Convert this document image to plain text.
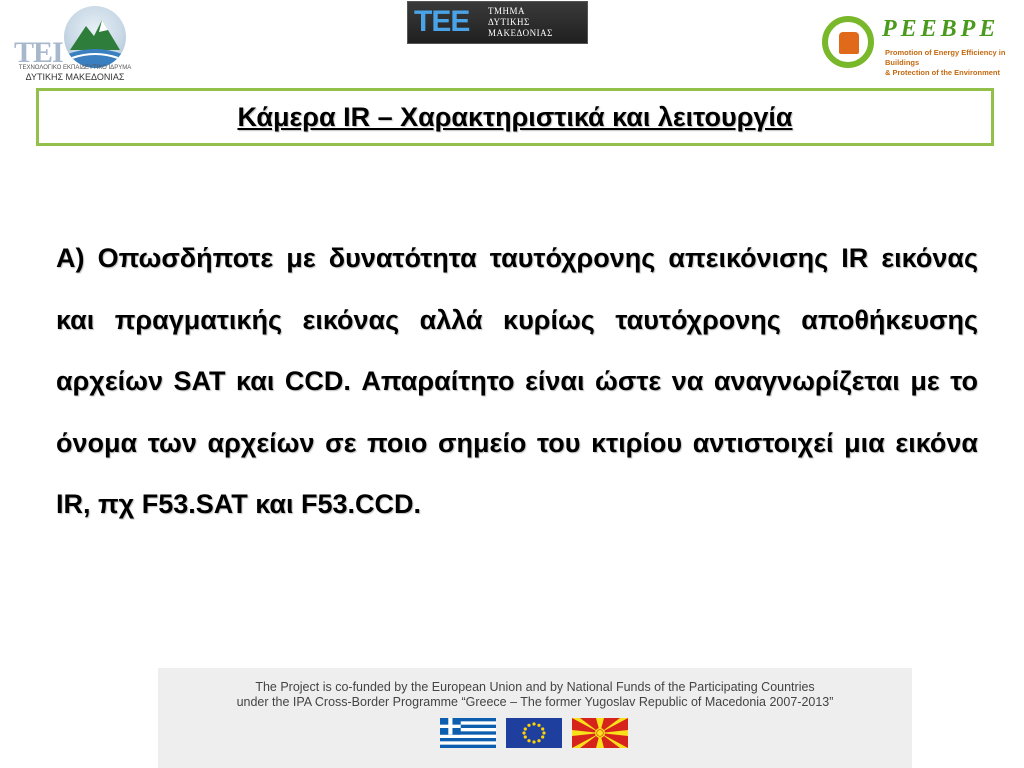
TEI
ΤΕΧΝΟΛΟΓΙΚΟ ΕΚΠΑΙΔΕΥΤΙΚΟ ΙΔΡΥΜΑ
ΔΥΤΙΚΗΣ ΜΑΚΕΔΟΝΙΑΣ
TEE ΤΜΗΜΑ
ΔΥΤΙΚΗΣ
ΜΑΚΕΔΟΝΙΑΣ	PEEBPE
Promotion of Energy Efficiency in Buildings
& Protection of the Environment
Κάμερα IR – Χαρακτηριστικά και λειτουργία
Α) Οπωσδήποτε με δυνατότητα ταυτόχρονης απεικόνισης IR εικόνας και πραγματικής εικόνας αλλά κυρίως ταυτόχρονης αποθήκευσης αρχείων SAT και CCD. Απαραίτητο είναι ώστε να αναγνωρίζεται με το όνομα των αρχείων σε ποιο σημείο του κτιρίου αντιστοιχεί μια εικόνα IR, πχ F53.SAT και F53.CCD.
The Project is co-funded by the European Union and by National Funds of the Participating Countries
under the IPA Cross-Border Programme “Greece – The former Yugoslav Republic of Macedonia 2007-2013”
